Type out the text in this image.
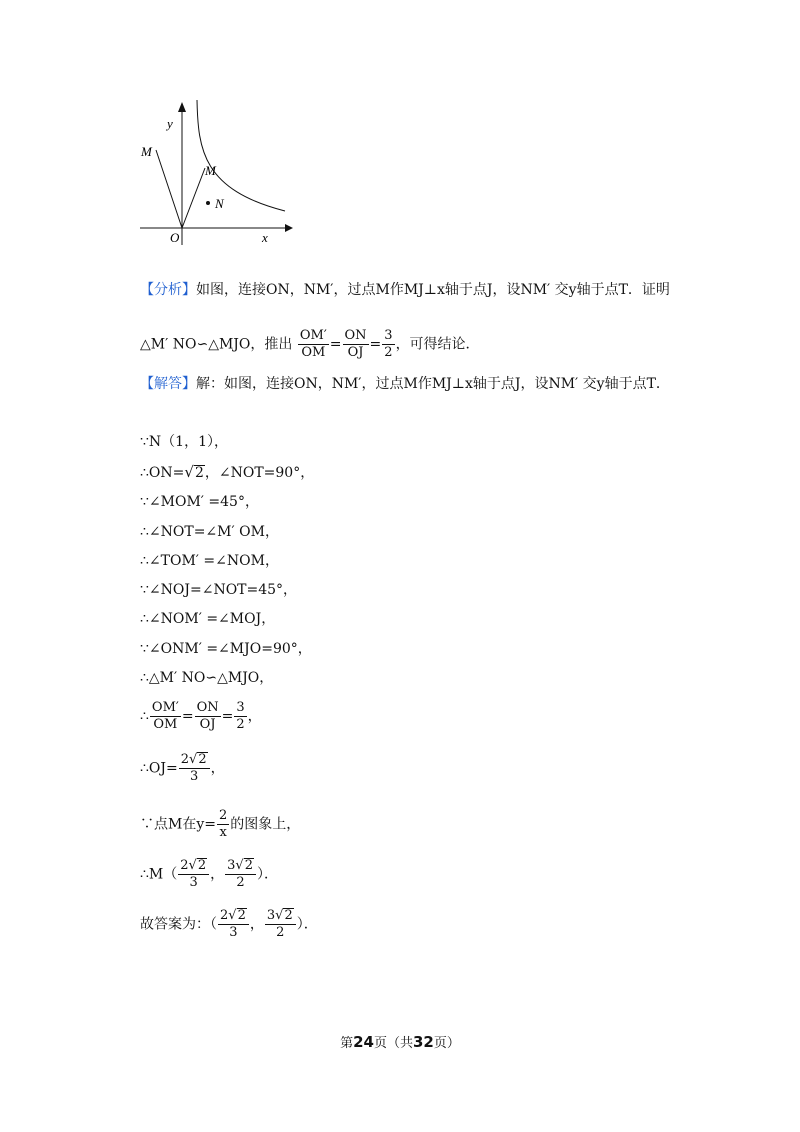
y
x
O
M
M
N
【分析】如图，连接ON，NM′，过点M作MJ⊥x轴于点J，设NM′ 交y轴于点T．证明
△M′ NO∽△MJO，推出 $\frac{OM'}{OM} = \frac{ON}{OJ} = \frac{3}{2}$ ，可得结论．
【解答】解：如图，连接ON，NM′，过点M作MJ⊥x轴于点J，设NM′ 交y轴于点T．
∵N（1，1），
∴ON=√2，∠NOT=90°，
∵∠MOM′ =45°，
∴∠NOT=∠M′ OM，
∴∠TOM′ =∠NOM，
∵∠NOJ=∠NOT=45°，
∴∠NOM′ =∠MOJ，
∵∠ONM′ =∠MJO=90°，
∴△M′ NO∽△MJO，
∴ $\frac{OM'}{OM} = \frac{ON}{OJ} = \frac{3}{2}$ ，
∴OJ= $\frac{2√2}{3}$ ，
∵点M在$y= \frac{2}{x}$ 的图象上，
∴M（ $\frac{2√2}{3}$ ， $\frac{3√2}{2}$ ）．
故答案为：（ $\frac{2√2}{3}$ ， $\frac{3√2}{2}$ ）．
第24页（共32页）
